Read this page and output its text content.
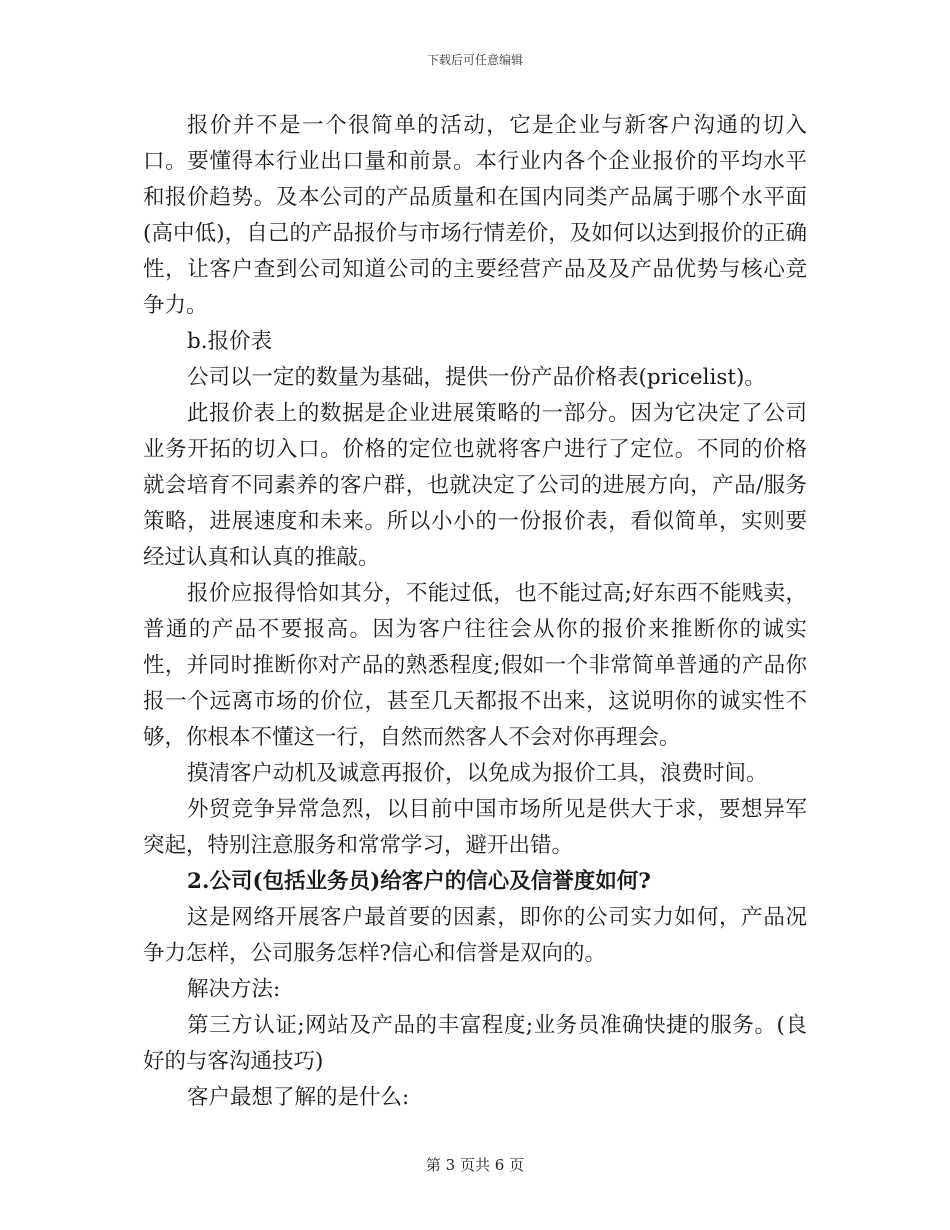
下载后可任意编辑

报价并不是一个很简单的活动，它是企业与新客户沟通的切入口。要懂得本行业出口量和前景。本行业内各个企业报价的平均水平和报价趋势。及本公司的产品质量和在国内同类产品属于哪个水平面(高中低)，自己的产品报价与市场行情差价，及如何以达到报价的正确性，让客户查到公司知道公司的主要经营产品及及产品优势与核心竞争力。

b.报价表

公司以一定的数量为基础，提供一份产品价格表(pricelist)。

此报价表上的数据是企业进展策略的一部分。因为它决定了公司业务开拓的切入口。价格的定位也就将客户进行了定位。不同的价格就会培育不同素养的客户群，也就决定了公司的进展方向，产品/服务策略，进展速度和未来。所以小小的一份报价表，看似简单，实则要经过认真和认真的推敲。

报价应报得恰如其分，不能过低，也不能过高;好东西不能贱卖，普通的产品不要报高。因为客户往往会从你的报价来推断你的诚实性，并同时推断你对产品的熟悉程度;假如一个非常简单普通的产品你报一个远离市场的价位，甚至几天都报不出来，这说明你的诚实性不够，你根本不懂这一行，自然而然客人不会对你再理会。

摸清客户动机及诚意再报价，以免成为报价工具，浪费时间。

外贸竞争异常急烈，以目前中国市场所见是供大于求，要想异军突起，特别注意服务和常常学习，避开出错。

2.公司(包括业务员)给客户的信心及信誉度如何?

这是网络开展客户最首要的因素，即你的公司实力如何，产品况争力怎样，公司服务怎样?信心和信誉是双向的。

解决方法:

第三方认证;网站及产品的丰富程度;业务员准确快捷的服务。(良好的与客沟通技巧)

客户最想了解的是什么:

第 3 页共 6 页
